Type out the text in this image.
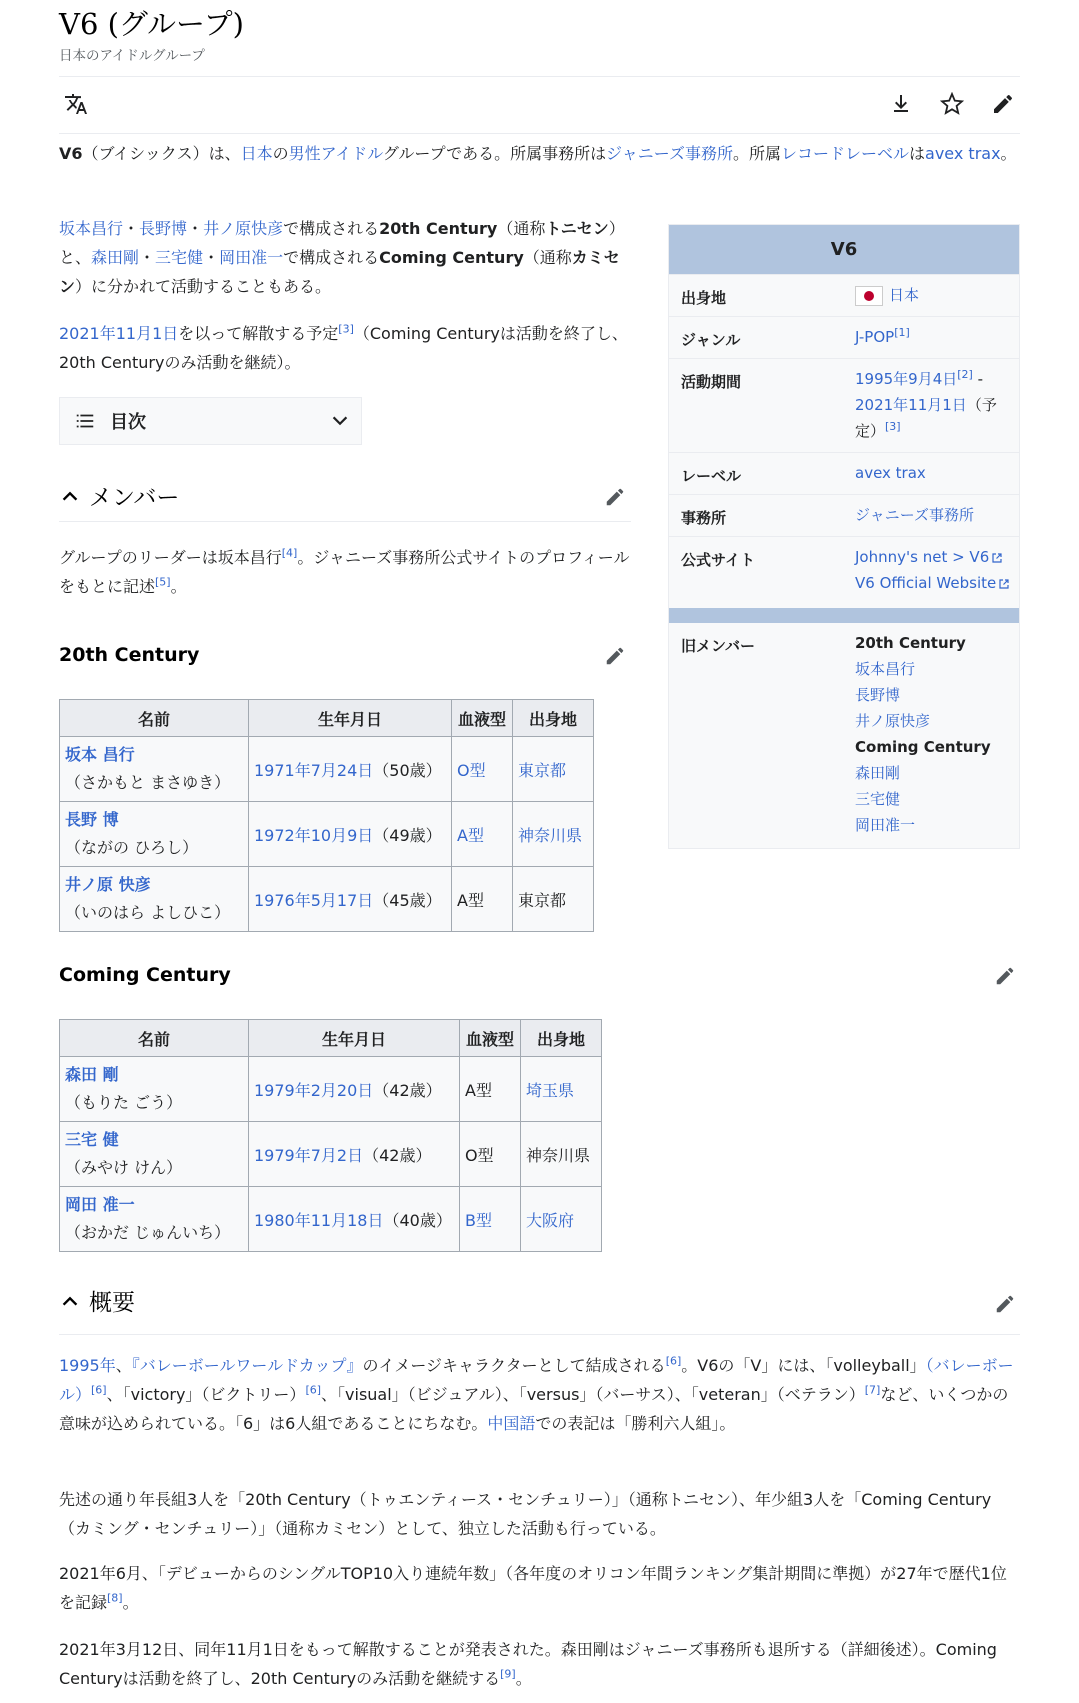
V6 (グループ)
日本のアイドルグループ
V6（ブイシックス）は、日本の男性アイドルグループである。所属事務所はジャニーズ事務所。所属レコードレーベルはavex trax。
坂本昌行・長野博・井ノ原快彦で構成される20th Century（通称トニセン）と、森田剛・三宅健・岡田准一で構成されるComing Century（通称カミセン）に分かれて活動することもある。
2021年11月1日を以って解散する予定[3]（Coming Centuryは活動を終了し、20th Centuryのみ活動を継続）。
目次
メンバー
グループのリーダーは坂本昌行[4]。ジャニーズ事務所公式サイトのプロフィールをもとに記述[5]。
20th Century
名前	生年月日	血液型	出身地
坂本 昌行
（さかもと まさゆき）	1971年7月24日（50歳）	O型	東京都
長野 博
（ながの ひろし）	1972年10月9日（49歳）	A型	神奈川県
井ノ原 快彦
（いのはら よしひこ）	1976年5月17日（45歳）	A型	東京都
Coming Century
名前	生年月日	血液型	出身地
森田 剛
（もりた ごう）	1979年2月20日（42歳）	A型	埼玉県
三宅 健
（みやけ けん）	1979年7月2日（42歳）	O型	神奈川県
岡田 准一
（おかだ じゅんいち）	1980年11月18日（40歳）	B型	大阪府
V6
出身地	日本
ジャンル	J-POP[1]
活動期間	1995年9月4日[2] - 2021年11月1日（予定）[3]
レーベル	avex trax
事務所	ジャニーズ事務所
公式サイト	Johnny's net > V6
V6 Official Website
旧メンバー	20th Century
坂本昌行
長野博
井ノ原快彦
Coming Century
森田剛
三宅健
岡田准一
概要
1995年、『バレーボールワールドカップ』のイメージキャラクターとして結成される[6]。V6の「V」には、「volleyball」（バレーボール）[6]、「victory」（ビクトリー）[6]、「visual」（ビジュアル）、「versus」（バーサス）、「veteran」（ベテラン）[7]など、いくつかの意味が込められている。「6」は6人組であることにちなむ。中国語での表記は「勝利六人組」。
先述の通り年長組3人を「20th Century（トゥエンティース・センチュリー）」（通称トニセン）、年少組3人を「Coming Century（カミング・センチュリー）」（通称カミセン）として、独立した活動も行っている。
2021年6月、「デビューからのシングルTOP10入り連続年数」（各年度のオリコン年間ランキング集計期間に準拠）が27年で歴代1位を記録[8]。
2021年3月12日、同年11月1日をもって解散することが発表された。森田剛はジャニーズ事務所も退所する（詳細後述）。Coming Centuryは活動を終了し、20th Centuryのみ活動を継続する[9]。
